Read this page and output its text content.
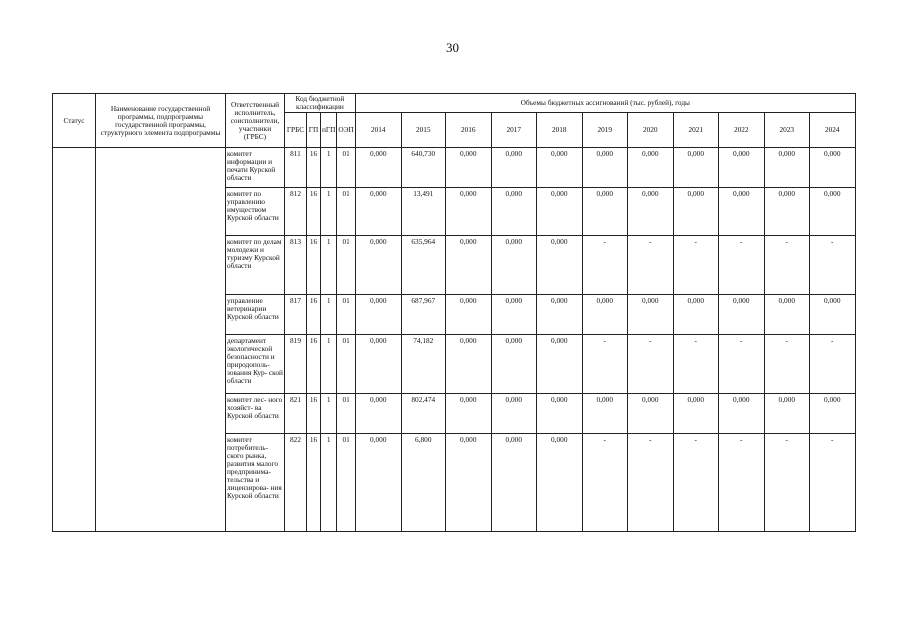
30
Статус	Наименование государственной программы, подпрограммы государственной программы, структурного элемента подпрограммы	Ответственный исполнитель, соисполнители, участники (ГРБС)	Код бюджетной классификации				Объемы бюджетных ассигнований (тыс. рублей), годы										
			ГРБС	ГП	пГП	ОЭП	2014	2015	2016	2017	2018	2019	2020	2021	2022	2023	2024
		комитет информации и печати Курской области	811	16	1	01	0,000	640,730	0,000	0,000	0,000	0,000	0,000	0,000	0,000	0,000	0,000
		комитет по управлению имуществом Курской области	812	16	1	01	0,000	13,491	0,000	0,000	0,000	0,000	0,000	0,000	0,000	0,000	0,000
		комитет по делам молодежи и туризму Курской области	813	16	1	01	0,000	635,964	0,000	0,000	0,000	-	-	-	-	-	-
		управление ветеринарии Курской области	817	16	1	01	0,000	687,967	0,000	0,000	0,000	0,000	0,000	0,000	0,000	0,000	0,000
		департамент экологической безопасности и природополь- зования Кур- ской области	819	16	1	01	0,000	74,182	0,000	0,000	0,000	-	-	-	-	-	-
		комитет лес- ного хозяйст- ва Курской области	821	16	1	01	0,000	802,474	0,000	0,000	0,000	0,000	0,000	0,000	0,000	0,000	0,000
		комитет потребитель- ского рынка, развития малого предпринима- тельства и лицензирова- ния Курской области	822	16	1	01	0,000	6,800	0,000	0,000	0,000	-	-	-	-	-	-
